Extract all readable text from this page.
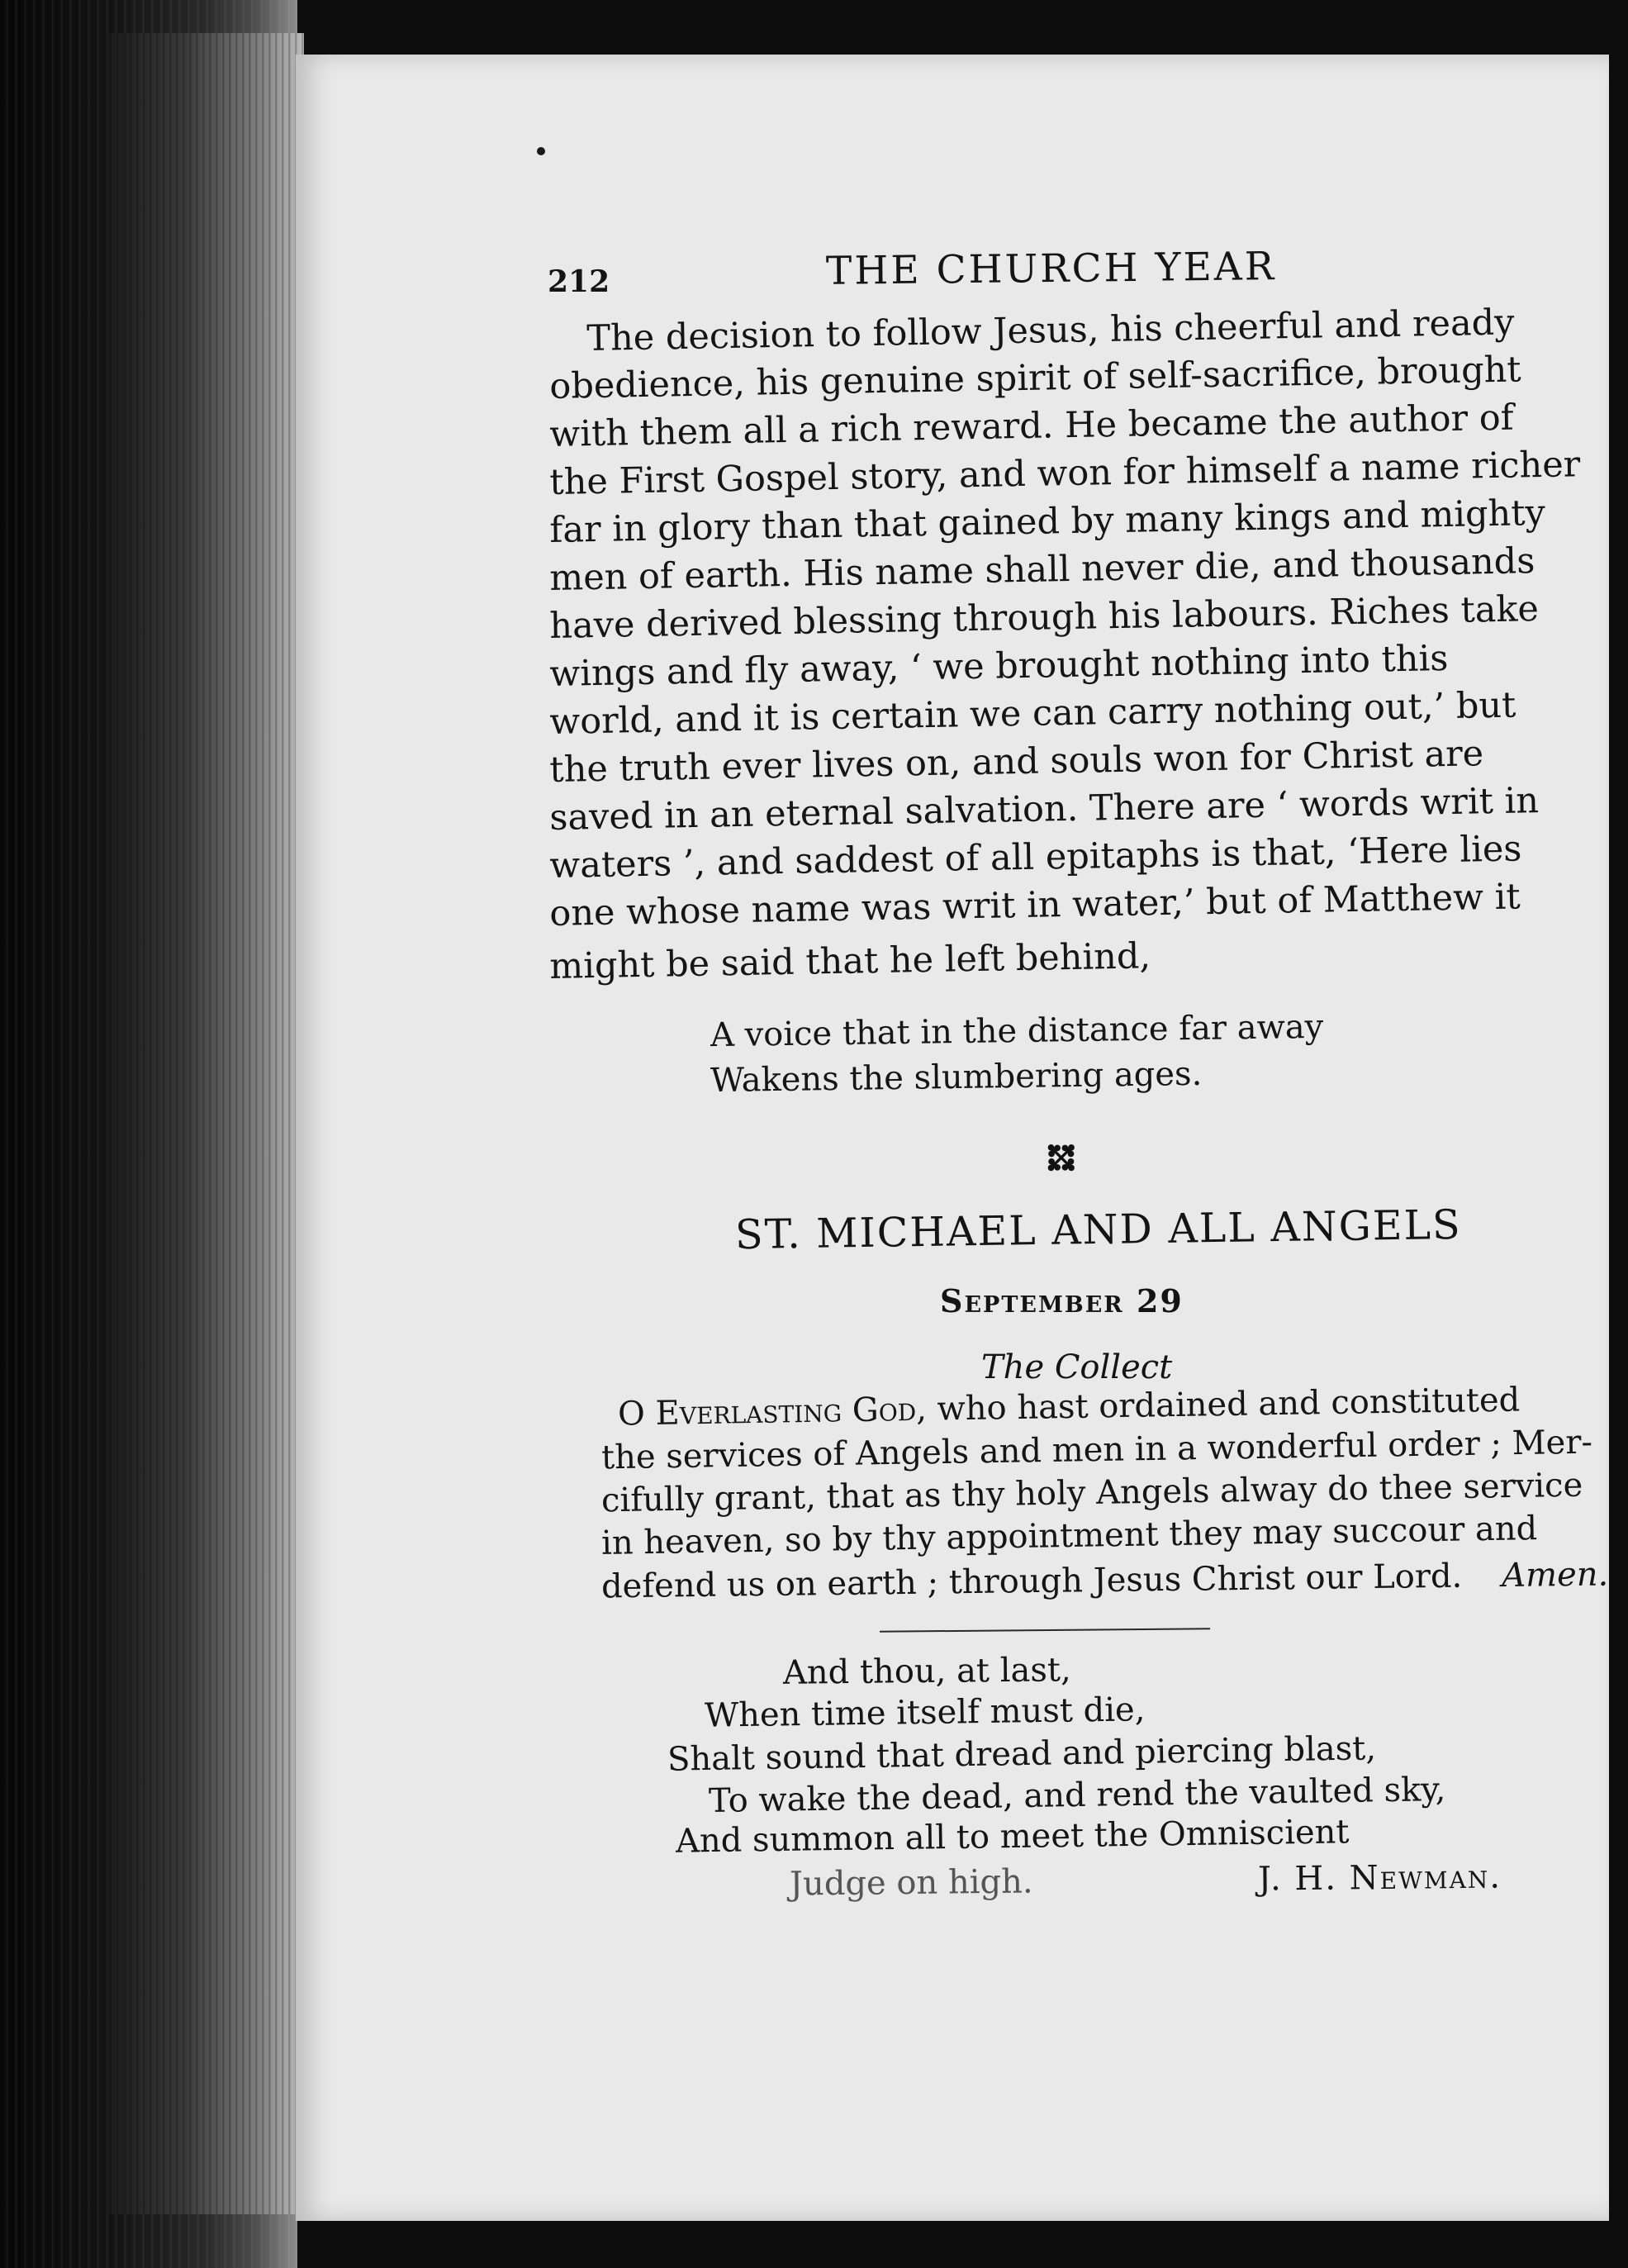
212	THE CHURCH YEAR
The decision to follow Jesus, his cheerful and ready
obedience, his genuine spirit of self-sacrifice, brought
with them all a rich reward. He became the author of
the First Gospel story, and won for himself a name richer
far in glory than that gained by many kings and mighty
men of earth. His name shall never die, and thousands
have derived blessing through his labours. Riches take
wings and fly away, ‘ we brought nothing into this
world, and it is certain we can carry nothing out,’ but
the truth ever lives on, and souls won for Christ are
saved in an eternal salvation. There are ‘ words writ in
waters ’, and saddest of all epitaphs is that, ‘Here lies
one whose name was writ in water,’ but of Matthew it
might be said that he left behind,
A voice that in the distance far away
Wakens the slumbering ages.
✥
ST. MICHAEL AND ALL ANGELS
September 29
The Collect
O Everlasting God, who hast ordained and constituted
the services of Angels and men in a wonderful order ; Mer-
cifully grant, that as thy holy Angels alway do thee service
in heaven, so by thy appointment they may succour and
defend us on earth ; through Jesus Christ our Lord. Amen.
And thou, at last,
When time itself must die,
Shalt sound that dread and piercing blast,
To wake the dead, and rend the vaulted sky,
And summon all to meet the Omniscient
Judge on high.	J. H. Newman.
